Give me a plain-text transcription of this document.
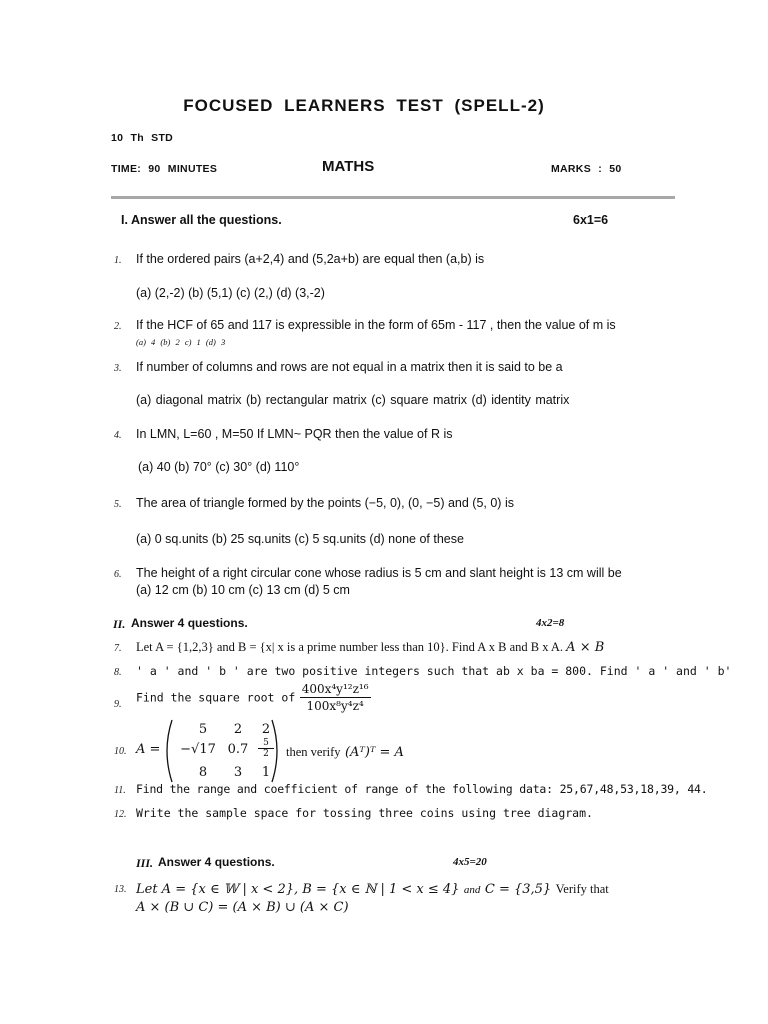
FOCUSED LEARNERS TEST (SPELL-2)
10 Th STD
TIME: 90 MINUTES	MATHS	MARKS : 50
I. Answer all the questions.	6x1=6
1. If the ordered pairs (a+2,4) and (5,2a+b) are equal then (a,b) is
(a) (2,-2) (b) (5,1) (c) (2,) (d) (3,-2)
2. If the HCF of 65 and 117 is expressible in the form of 65m - 117 , then the value of m is
(a) 4 (b) 2 c) 1 (d) 3
3. If number of columns and rows are not equal in a matrix then it is said to be a
(a) diagonal matrix (b) rectangular matrix (c) square matrix (d) identity matrix
4. In LMN, L=60 , M=50 If LMN~ PQR then the value of R is
(a) 40 (b) 70° (c) 30° (d) 110°
5. The area of triangle formed by the points (−5, 0), (0, −5) and (5, 0) is
(a) 0 sq.units (b) 25 sq.units (c) 5 sq.units (d) none of these
6. The height of a right circular cone whose radius is 5 cm and slant height is 13 cm will be
(a) 12 cm (b) 10 cm (c) 13 cm (d) 5 cm
II. Answer 4 questions.	4x2=8
7. Let A = {1,2,3} and B = {x| x is a prime number less than 10}. Find A x B and B x A. A × B
8. ' a ' and ' b ' are two positive integers such that ab x ba = 800. Find ' a ' and ' b'
9. Find the square root of $\frac{\text{400x⁴y¹²z¹⁶}}{\text{100x⁸y⁴z⁴}}$
10. A =
5	2	2
−√17 0.7	$\frac{5}{2}$
8	3	1
then verify (Aᵀ)ᵀ = A
11. Find the range and coefficient of range of the following data: 25,67,48,53,18,39, 44.
12. Write the sample space for tossing three coins using tree diagram.
III. Answer 4 questions.	4x5=20
13. Let A = {x ∈ 𝕎 | x < 2}, B = {x ∈ ℕ | 1 < x ≤ 4} and C = {3,5} Verify that
A × (B ∪ C) = (A × B) ∪ (A × C)
